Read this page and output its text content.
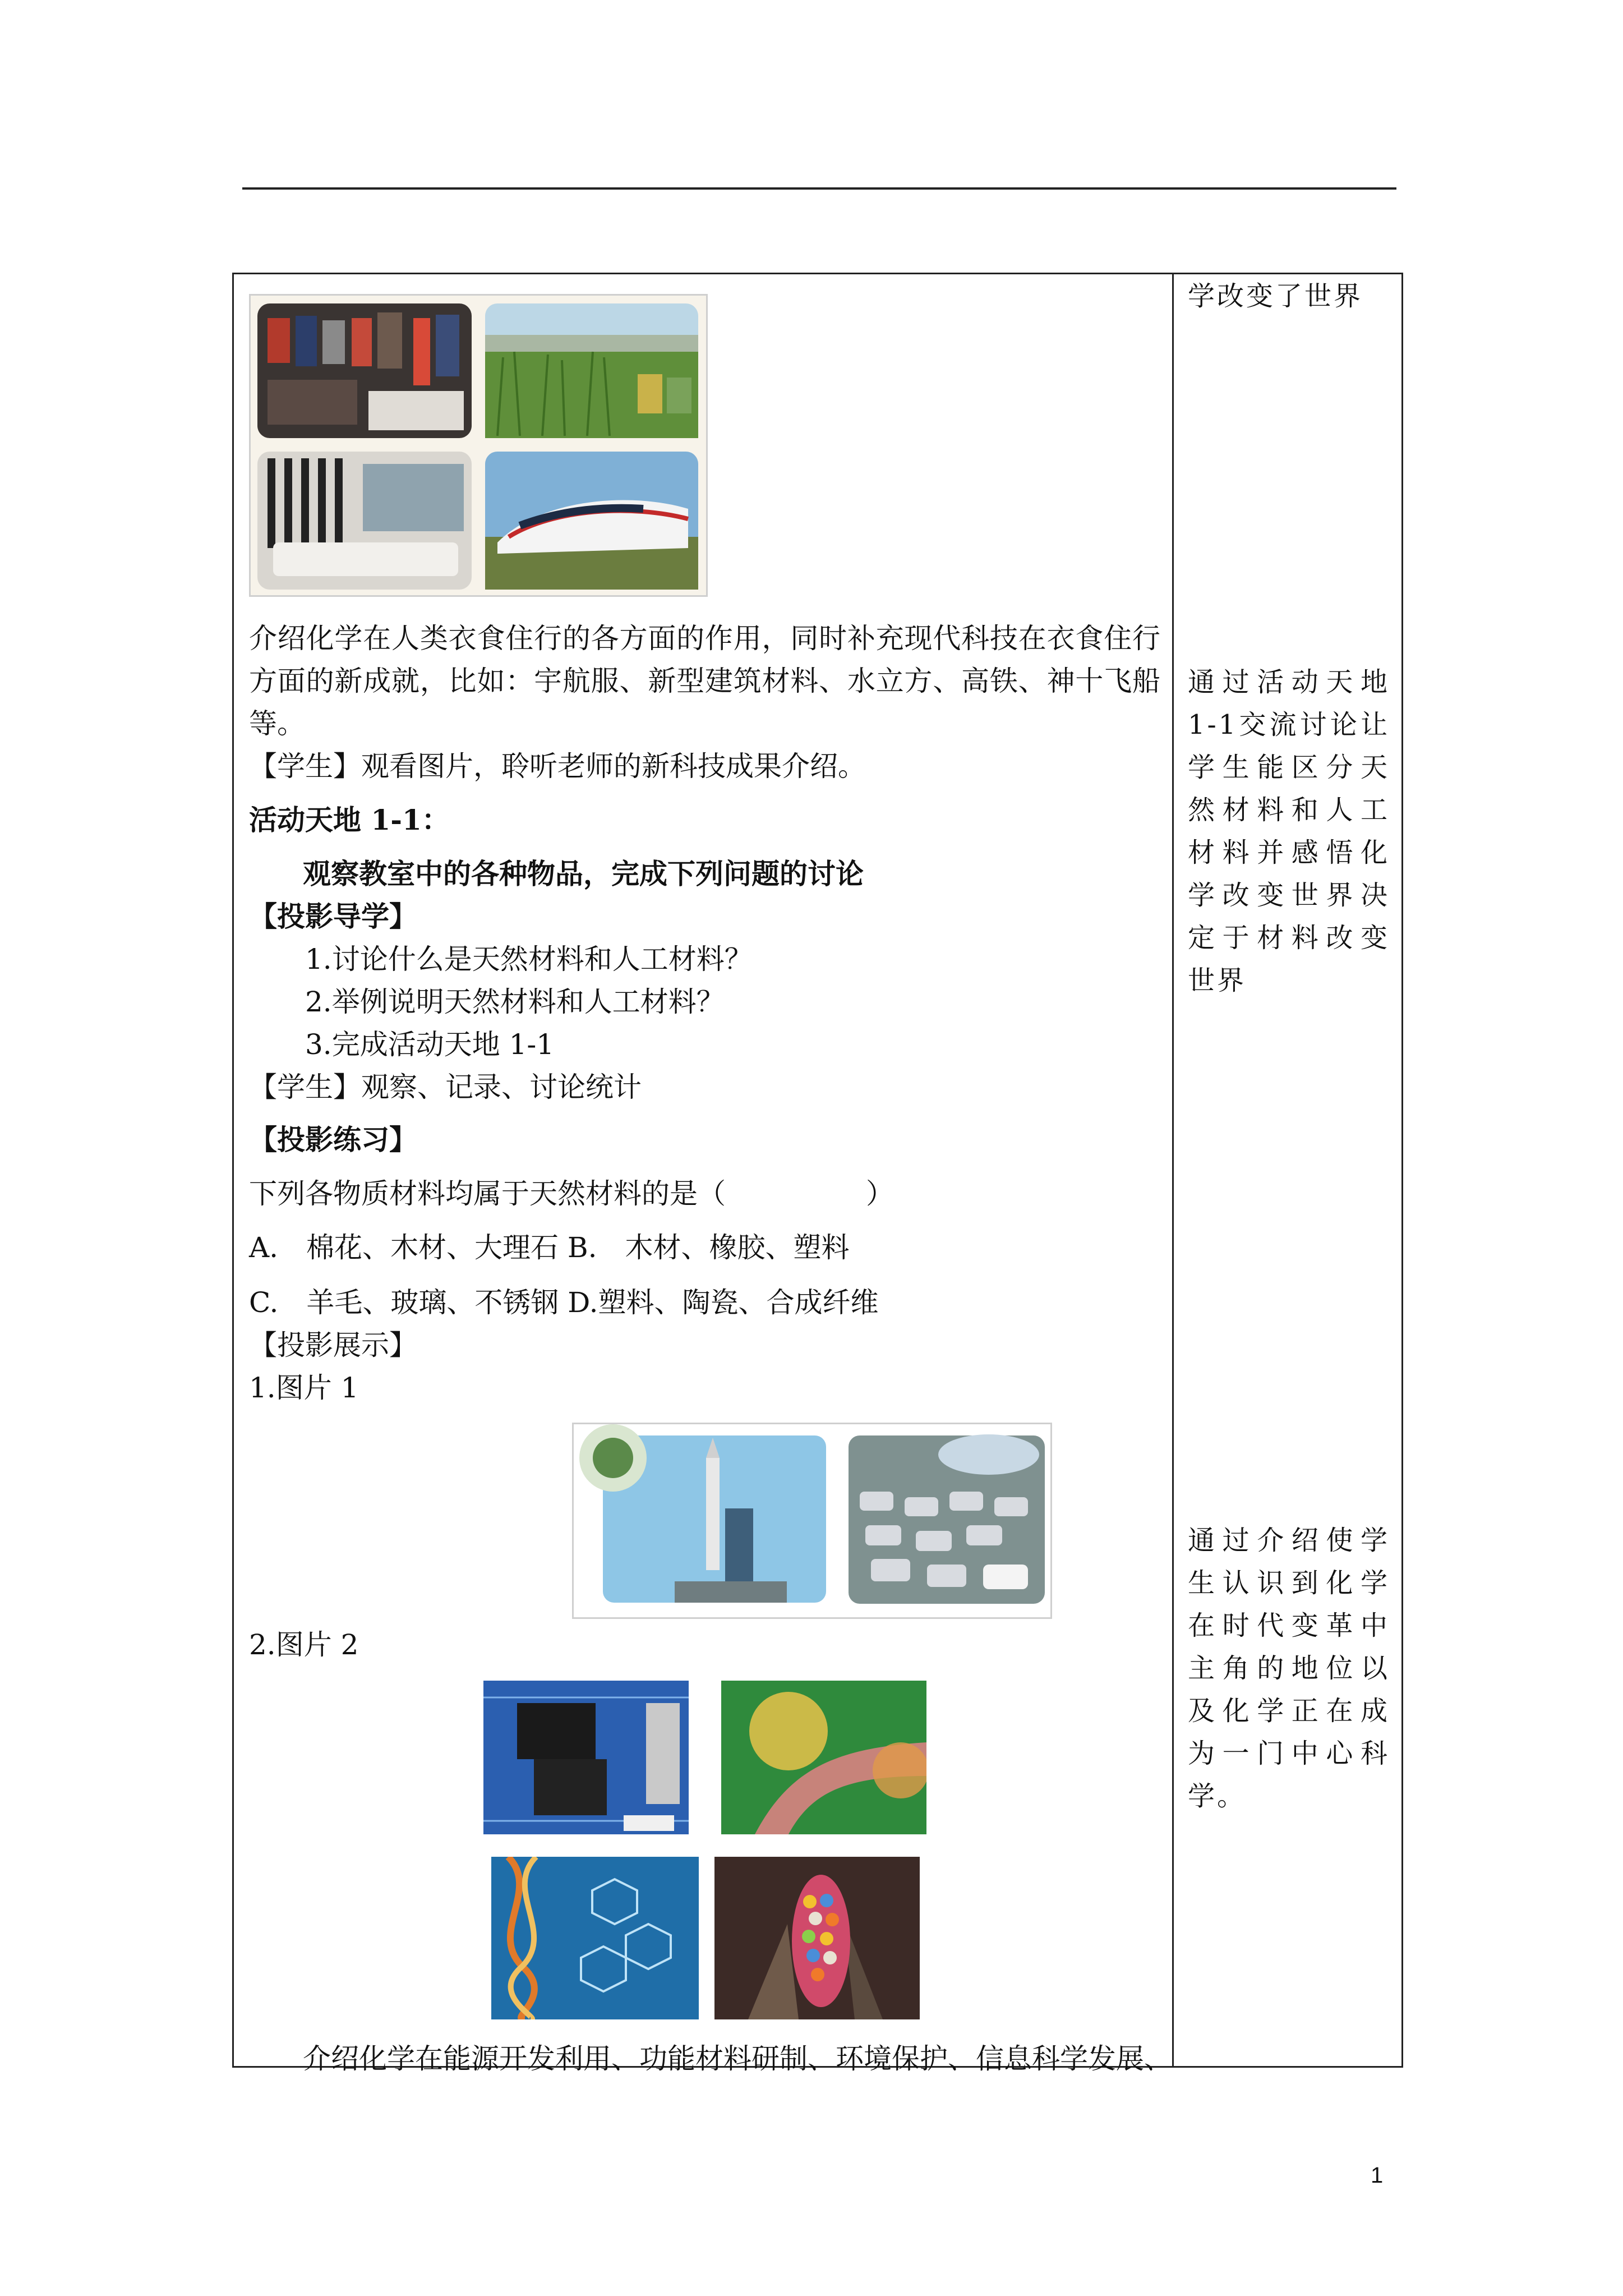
介绍化学在人类衣食住行的各方面的作用，同时补充现代科技在衣食住行方面的新成就，比如：宇航服、新型建筑材料、水立方、高铁、神十飞船等。
【学生】观看图片，聆听老师的新科技成果介绍。
活动天地 1-1：
观察教室中的各种物品，完成下列问题的讨论
【投影导学】
1.讨论什么是天然材料和人工材料？
2.举例说明天然材料和人工材料？
3.完成活动天地 1-1
【学生】观察、记录、讨论统计
【投影练习】
下列各物质材料均属于天然材料的是（　　　　　）
A.　棉花、木材、大理石 B.　木材、橡胶、塑料
C.　羊毛、玻璃、不锈钢 D.塑料、陶瓷、合成纤维
【投影展示】
1.图片 1
2.图片 2
介绍化学在能源开发利用、功能材料研制、环境保护、信息科学发展、
学改变了世界
通过活动天地1-1交流讨论让学生能区分天然材料和人工材料并感悟化学改变世界决定于材料改变世界
通过介绍使学生认识到化学在时代变革中主角的地位以及化学正在成为一门中心科学。
1
